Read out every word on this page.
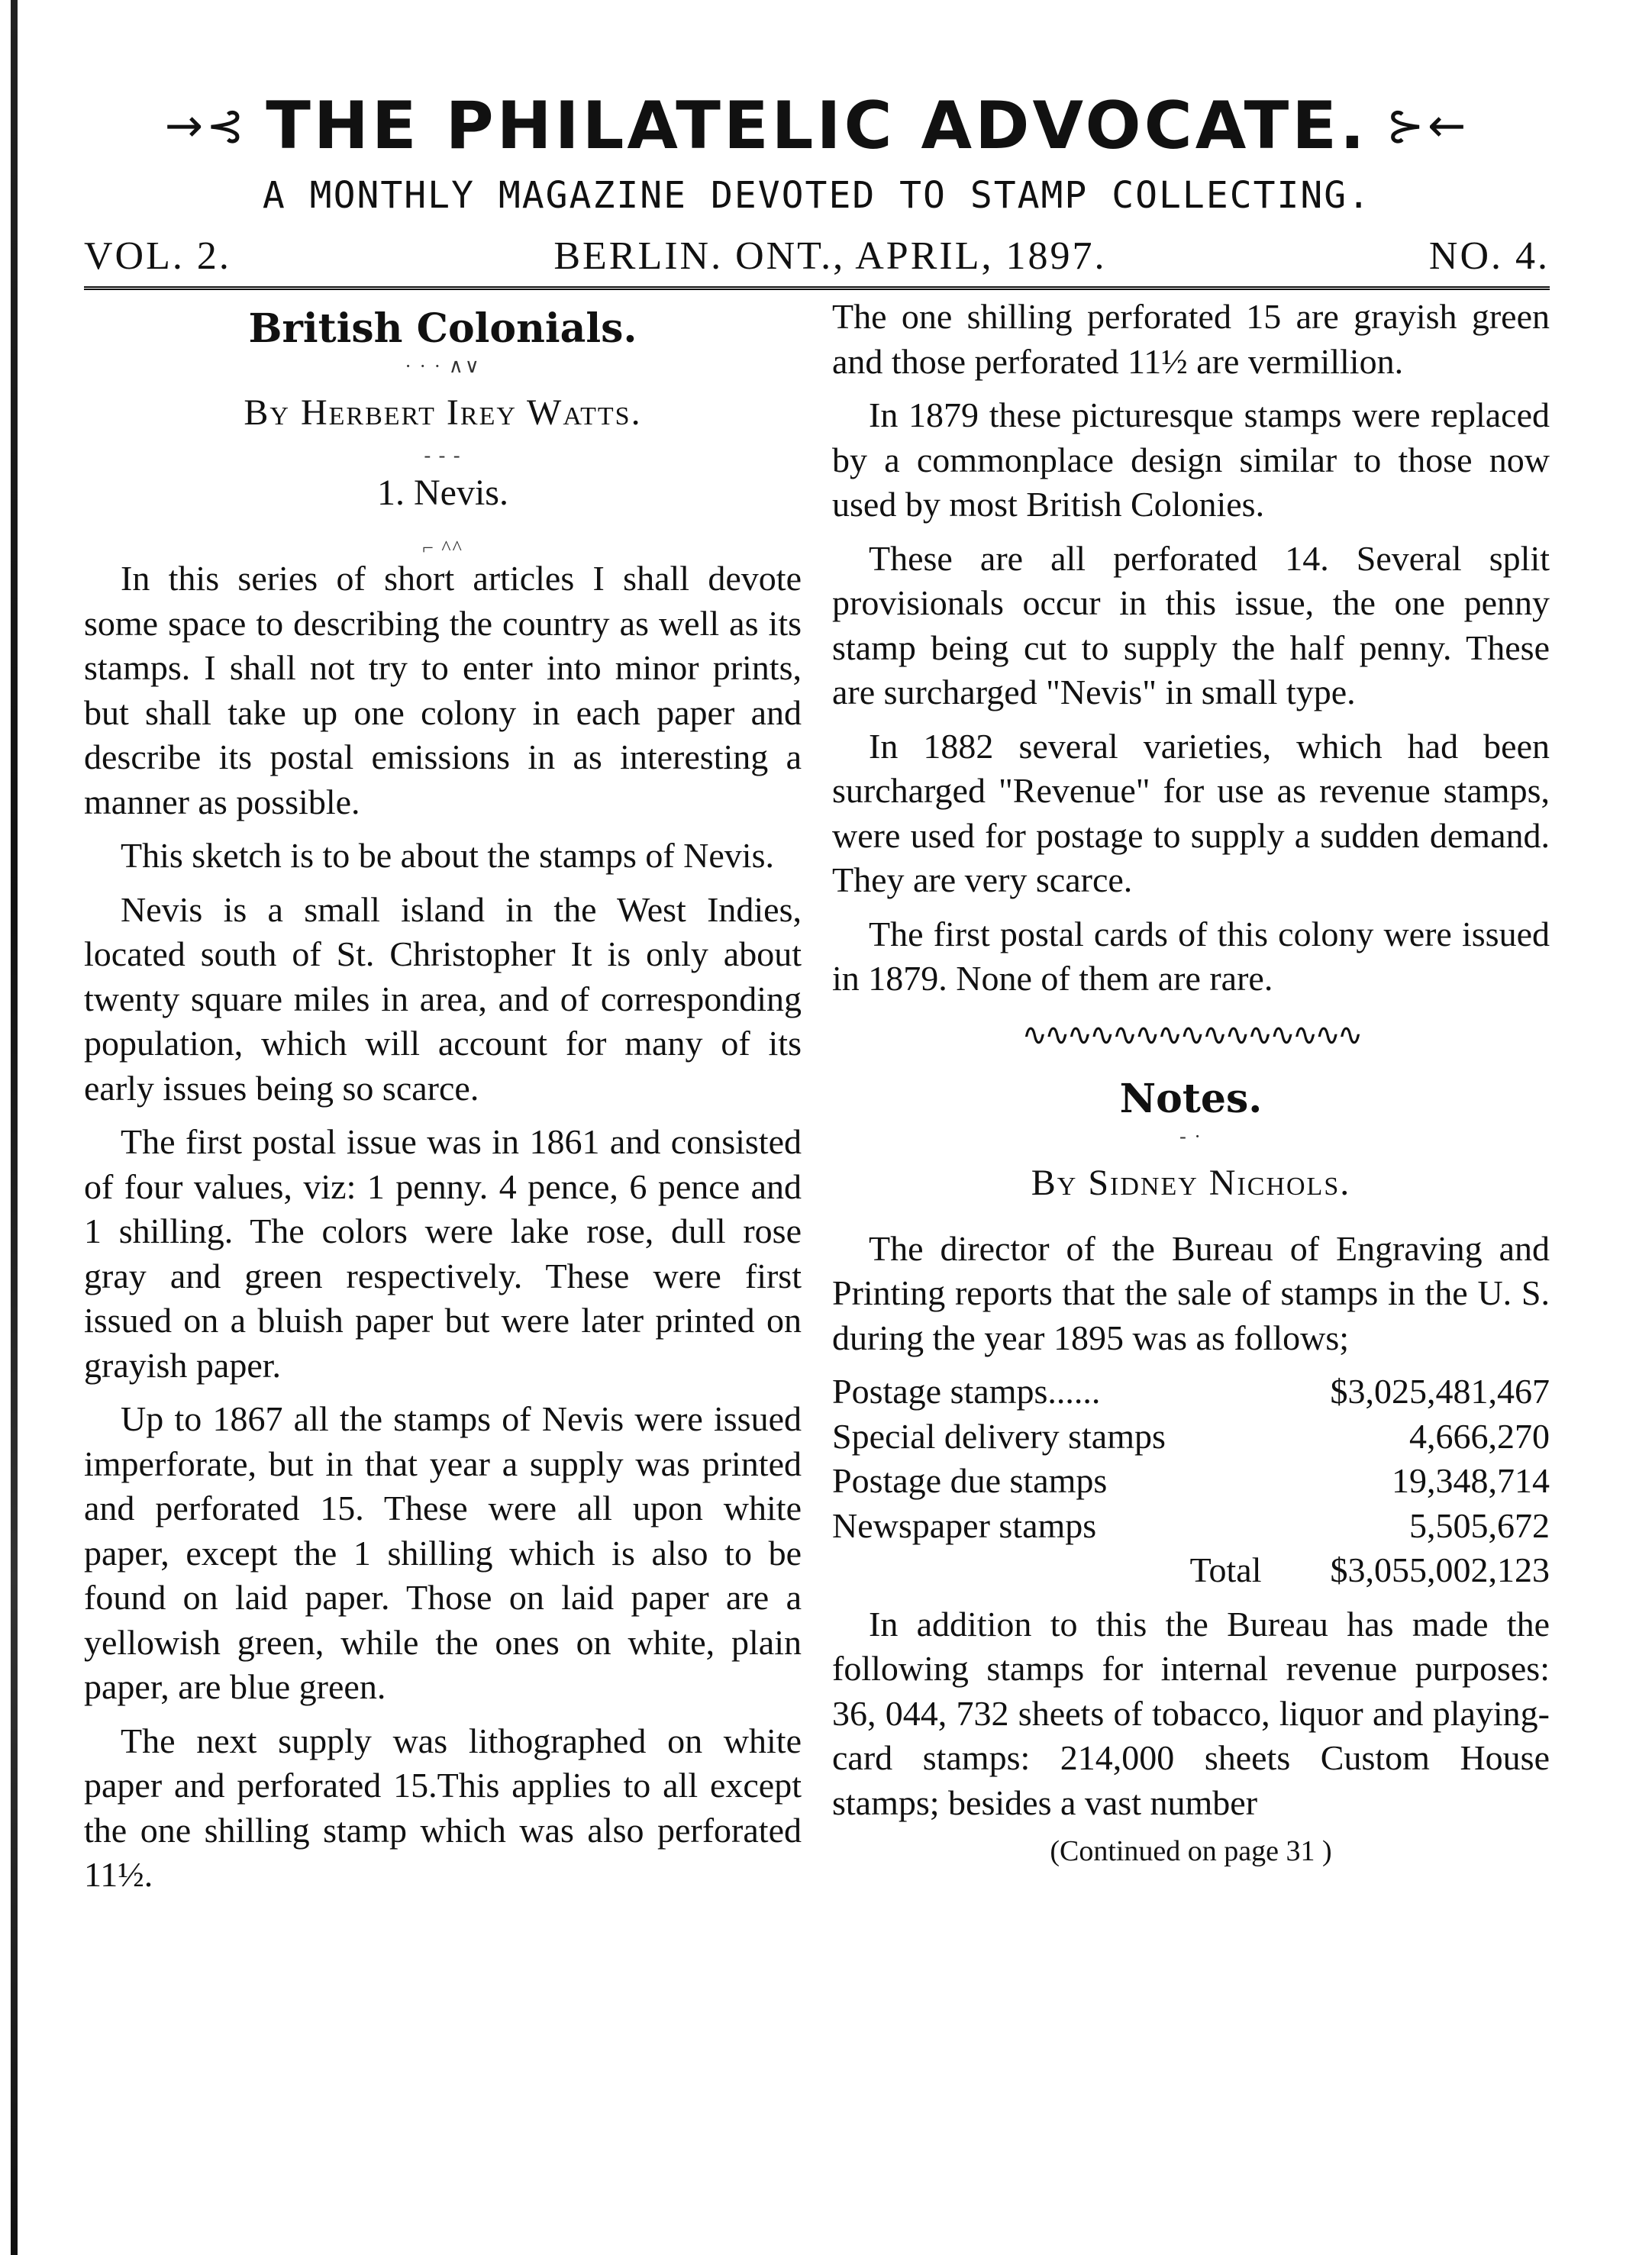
→⊰ THE PHILATELIC ADVOCATE. ⊱←
A MONTHLY MAGAZINE DEVOTED TO STAMP COLLECTING.
VOL. 2.	BERLIN. ONT., APRIL, 1897.	NO. 4.
British Colonials.
· · · ∧∨
By Herbert Irey Watts.
- - -
1. Nevis.
⌐ ^^

In this series of short articles I shall devote some space to describing the country as well as its stamps. I shall not try to enter into minor prints, but shall take up one colony in each paper and describe its postal emissions in as interesting a manner as possible.

This sketch is to be about the stamps of Nevis.

Nevis is a small island in the West Indies, located south of St. Christopher It is only about twenty square miles in area, and of corresponding population, which will account for many of its early issues being so scarce.

The first postal issue was in 1861 and consisted of four values, viz: 1 penny. 4 pence, 6 pence and 1 shilling. The colors were lake rose, dull rose gray and green respectively. These were first issued on a bluish paper but were later printed on grayish paper.

Up to 1867 all the stamps of Nevis were issued imperforate, but in that year a supply was printed and perforated 15. These were all upon white paper, except the 1 shilling which is also to be found on laid paper. Those on laid paper are a yellowish green, while the ones on white, plain paper, are blue green.

The next supply was lithographed on white paper and perforated 15.This applies to all except the one shilling stamp which was also perforated 11½.

The one shilling perforated 15 are grayish green and those perforated 11½ are vermillion.

In 1879 these picturesque stamps were replaced by a commonplace design similar to those now used by most British Colonies.

These are all perforated 14. Several split provisionals occur in this issue, the one penny stamp being cut to supply the half penny. These are surcharged "Nevis" in small type.

In 1882 several varieties, which had been surcharged "Revenue" for use as revenue stamps, were used for postage to supply a sudden demand. They are very scarce.

The first postal cards of this colony were issued in 1879. None of them are rare.

∿∿∿∿∿∿∿∿∿∿∿∿∿∿∿
Notes.
- ·
By Sidney Nichols.

The director of the Bureau of Engraving and Printing reports that the sale of stamps in the U. S. during the year 1895 was as follows;

Postage stamps......	$3,025,481,467
Special delivery stamps	4,666,270
Postage due stamps	19,348,714
Newspaper stamps	5,505,672
Total $3,055,002,123

In addition to this the Bureau has made the following stamps for internal revenue purposes: 36, 044, 732 sheets of tobacco, liquor and playing-card stamps: 214,000 sheets Custom House stamps; besides a vast number

(Continued on page 31 )
